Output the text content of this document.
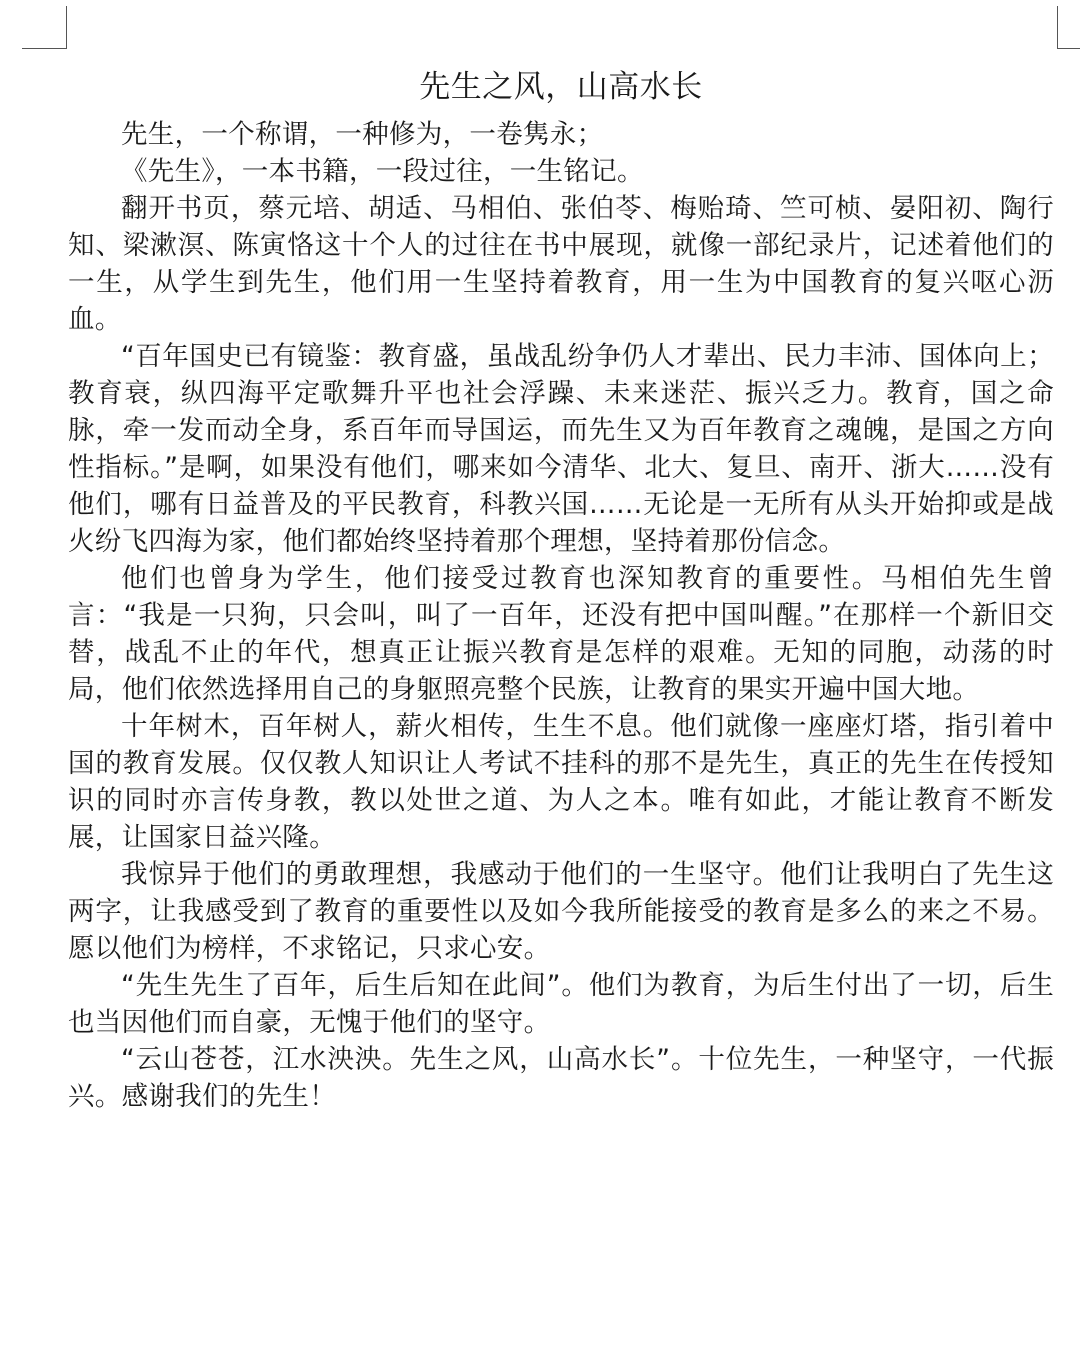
先生之风，山高水长

先生，一个称谓，一种修为，一卷隽永；

《先生》，一本书籍，一段过往，一生铭记。

翻开书页，蔡元培、胡适、马相伯、张伯苓、梅贻琦、竺可桢、晏阳初、陶行知、梁漱溟、陈寅恪这十个人的过往在书中展现，就像一部纪录片，记述着他们的一生，从学生到先生，他们用一生坚持着教育，用一生为中国教育的复兴呕心沥血。

“百年国史已有镜鉴：教育盛，虽战乱纷争仍人才辈出、民力丰沛、国体向上；教育衰，纵四海平定歌舞升平也社会浮躁、未来迷茫、振兴乏力。教育，国之命脉，牵一发而动全身，系百年而导国运，而先生又为百年教育之魂魄，是国之方向性指标。”是啊，如果没有他们，哪来如今清华、北大、复旦、南开、浙大……没有他们，哪有日益普及的平民教育，科教兴国……无论是一无所有从头开始抑或是战火纷飞四海为家，他们都始终坚持着那个理想，坚持着那份信念。

他们也曾身为学生，他们接受过教育也深知教育的重要性。马相伯先生曾言：“我是一只狗，只会叫，叫了一百年，还没有把中国叫醒。”在那样一个新旧交替，战乱不止的年代，想真正让振兴教育是怎样的艰难。无知的同胞，动荡的时局，他们依然选择用自己的身躯照亮整个民族，让教育的果实开遍中国大地。

十年树木，百年树人，薪火相传，生生不息。他们就像一座座灯塔，指引着中国的教育发展。仅仅教人知识让人考试不挂科的那不是先生，真正的先生在传授知识的同时亦言传身教，教以处世之道、为人之本。唯有如此，才能让教育不断发展，让国家日益兴隆。

我惊异于他们的勇敢理想，我感动于他们的一生坚守。他们让我明白了先生这两字，让我感受到了教育的重要性以及如今我所能接受的教育是多么的来之不易。愿以他们为榜样，不求铭记，只求心安。

“先生先生了百年，后生后知在此间”。他们为教育，为后生付出了一切，后生也当因他们而自豪，无愧于他们的坚守。

“云山苍苍，江水泱泱。先生之风，山高水长”。十位先生，一种坚守，一代振兴。感谢我们的先生！
